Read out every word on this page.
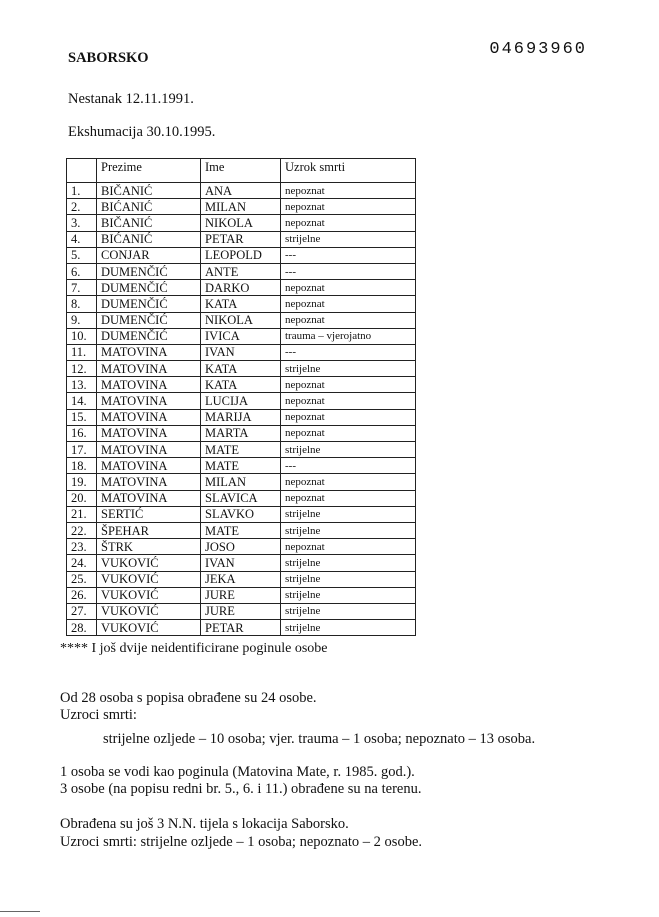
04693960
SABORSKO
Nestanak 12.11.1991.
Ekshumacija 30.10.1995.
	Prezime	Ime	Uzrok smrti
1.	BIČANIĆ	ANA	nepoznat
2.	BIĆANIĆ	MILAN	nepoznat
3.	BIČANIĆ	NIKOLA	nepoznat
4.	BIĆANIĆ	PETAR	strijelne
5.	CONJAR	LEOPOLD	---
6.	DUMENČIĆ	ANTE	---
7.	DUMENČIĆ	DARKO	nepoznat
8.	DUMENČIĆ	KATA	nepoznat
9.	DUMENČIĆ	NIKOLA	nepoznat
10.	DUMENČIĆ	IVICA	trauma – vjerojatno
11.	MATOVINA	IVAN	---
12.	MATOVINA	KATA	strijelne
13.	MATOVINA	KATA	nepoznat
14.	MATOVINA	LUCIJA	nepoznat
15.	MATOVINA	MARIJA	nepoznat
16.	MATOVINA	MARTA	nepoznat
17.	MATOVINA	MATE	strijelne
18.	MATOVINA	MATE	---
19.	MATOVINA	MILAN	nepoznat
20.	MATOVINA	SLAVICA	nepoznat
21.	SERTIĆ	SLAVKO	strijelne
22.	ŠPEHAR	MATE	strijelne
23.	ŠTRK	JOSO	nepoznat
24.	VUKOVIĆ	IVAN	strijelne
25.	VUKOVIĆ	JEKA	strijelne
26.	VUKOVIĆ	JURE	strijelne
27.	VUKOVIĆ	JURE	strijelne
28.	VUKOVIĆ	PETAR	strijelne
**** I još dvije neidentificirane poginule osobe
Od 28 osoba s popisa obrađene su 24 osobe.
Uzroci smrti:
strijelne ozljede – 10 osoba; vjer. trauma – 1 osoba; nepoznato – 13 osoba.
1 osoba se vodi kao poginula (Matovina Mate, r. 1985. god.).
3 osobe (na popisu redni br. 5., 6. i 11.) obrađene su na terenu.
Obrađena su još 3 N.N. tijela s lokacija Saborsko.
Uzroci smrti: strijelne ozljede – 1 osoba; nepoznato – 2 osobe.
